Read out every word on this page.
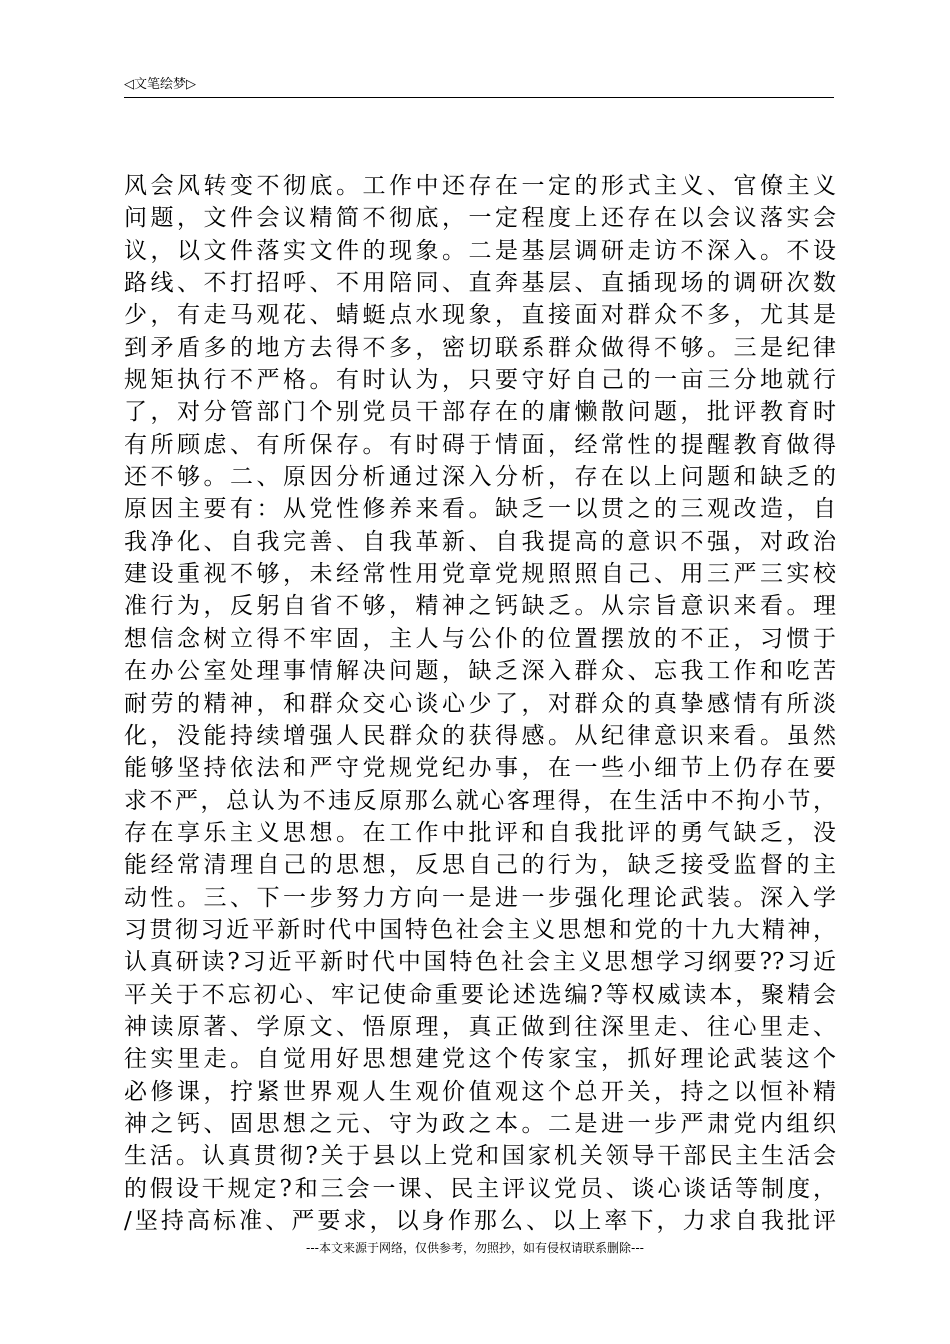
◁文笔绘梦▷
风会风转变不彻底。工作中还存在一定的形式主义、官僚主义
问题，文件会议精简不彻底，一定程度上还存在以会议落实会
议，以文件落实文件的现象。二是基层调研走访不深入。不设
路线、不打招呼、不用陪同、直奔基层、直插现场的调研次数
少，有走马观花、蜻蜓点水现象，直接面对群众不多，尤其是
到矛盾多的地方去得不多，密切联系群众做得不够。三是纪律
规矩执行不严格。有时认为，只要守好自己的一亩三分地就行
了，对分管部门个别党员干部存在的庸懒散问题，批评教育时
有所顾虑、有所保存。有时碍于情面，经常性的提醒教育做得
还不够。二、原因分析通过深入分析，存在以上问题和缺乏的
原因主要有：从党性修养来看。缺乏一以贯之的三观改造，自
我净化、自我完善、自我革新、自我提高的意识不强，对政治
建设重视不够，未经常性用党章党规照照自己、用三严三实校
准行为，反躬自省不够，精神之钙缺乏。从宗旨意识来看。理
想信念树立得不牢固，主人与公仆的位置摆放的不正，习惯于
在办公室处理事情解决问题，缺乏深入群众、忘我工作和吃苦
耐劳的精神，和群众交心谈心少了，对群众的真挚感情有所淡
化，没能持续增强人民群众的获得感。从纪律意识来看。虽然
能够坚持依法和严守党规党纪办事，在一些小细节上仍存在要
求不严，总认为不违反原那么就心客理得，在生活中不拘小节，
存在享乐主义思想。在工作中批评和自我批评的勇气缺乏，没
能经常清理自己的思想，反思自己的行为，缺乏接受监督的主
动性。三、下一步努力方向一是进一步强化理论武装。深入学
习贯彻习近平新时代中国特色社会主义思想和党的十九大精神，
认真研读?习近平新时代中国特色社会主义思想学习纲要??习近
平关于不忘初心、牢记使命重要论述选编?等权威读本，聚精会
神读原著、学原文、悟原理，真正做到往深里走、往心里走、
往实里走。自觉用好思想建党这个传家宝，抓好理论武装这个
必修课，拧紧世界观人生观价值观这个总开关，持之以恒补精
神之钙、固思想之元、守为政之本。二是进一步严肃党内组织
生活。认真贯彻?关于县以上党和国家机关领导干部民主生活会
的假设干规定?和三会一课、民主评议党员、谈心谈话等制度，
/坚持高标准、严要求，以身作那么、以上率下，力求自我批评
---本文来源于网络，仅供参考，勿照抄，如有侵权请联系删除---
